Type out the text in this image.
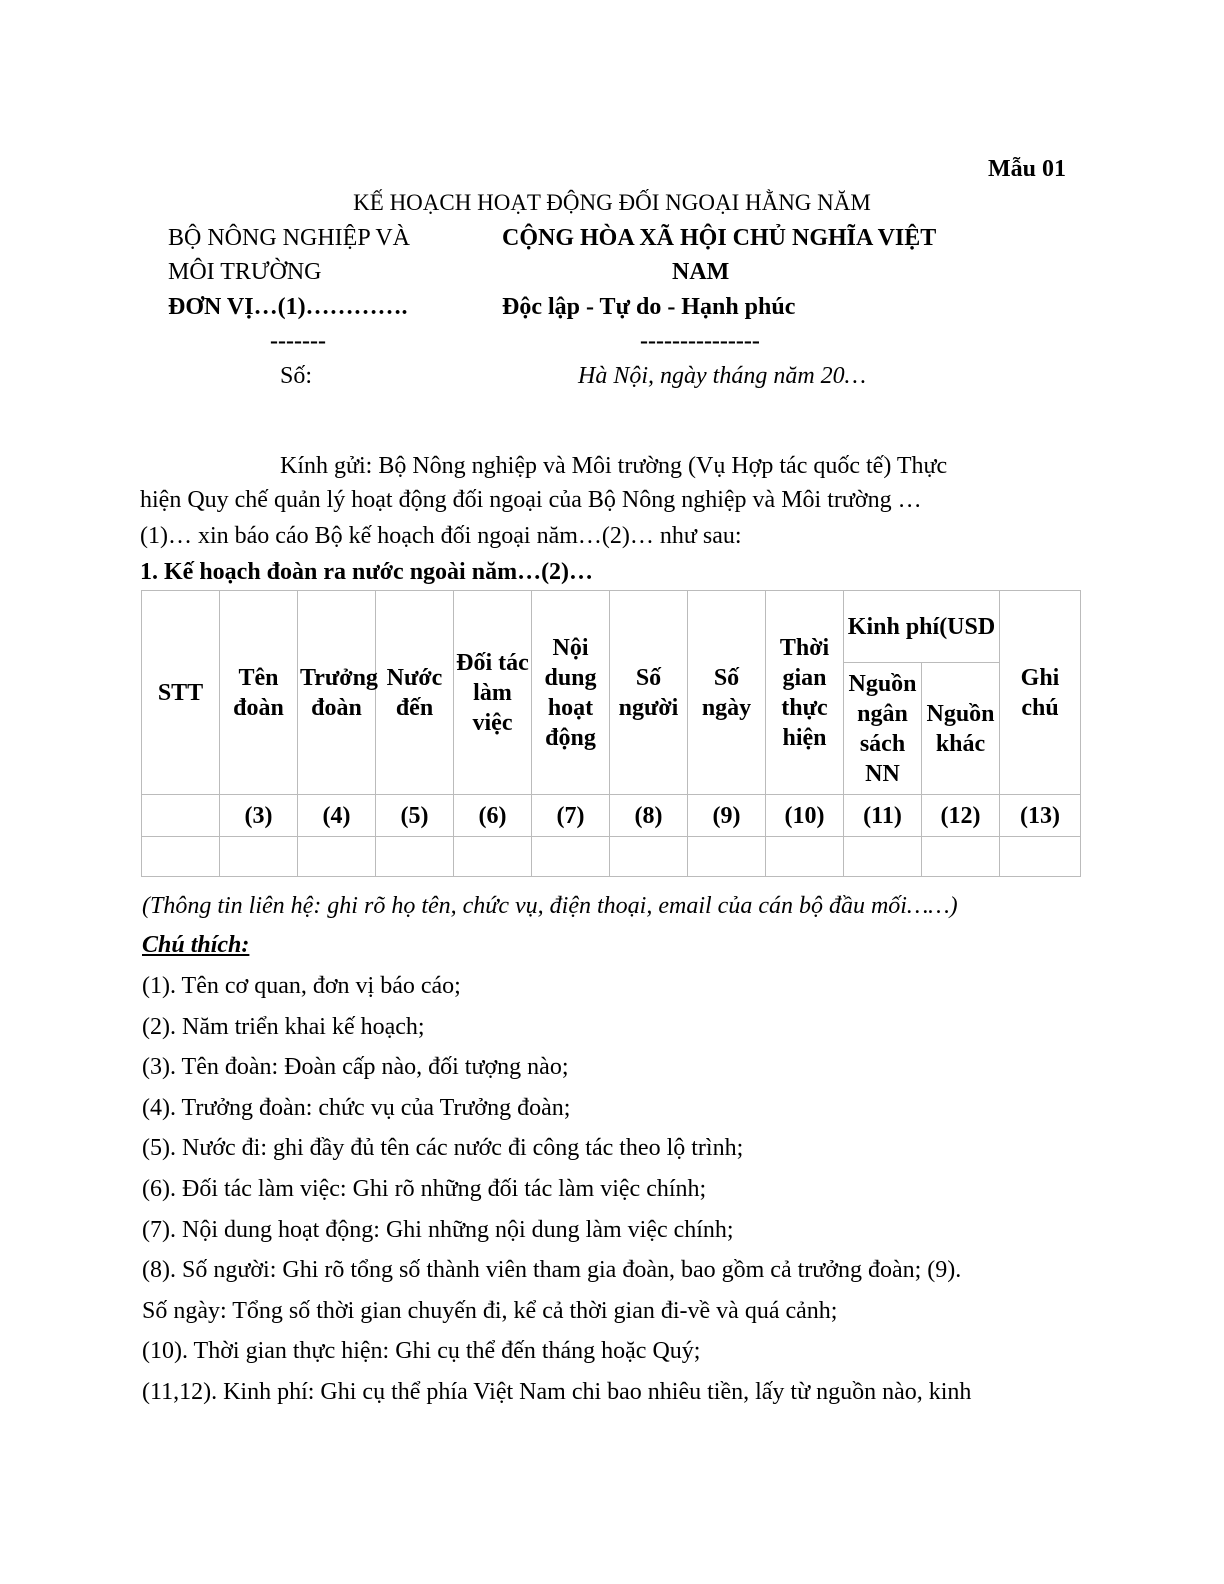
Mẫu 01
KẾ HOẠCH HOẠT ĐỘNG ĐỐI NGOẠI HẰNG NĂM
BỘ NÔNG NGHIỆP VÀ
MÔI TRƯỜNG
ĐƠN VỊ…(1)………….
-------
Số:
CỘNG HÒA XÃ HỘI CHỦ NGHĨA VIỆT
NAM
Độc lập - Tự do - Hạnh phúc
---------------
Hà Nội, ngày tháng năm 20…
Kính gửi: Bộ Nông nghiệp và Môi trường (Vụ Hợp tác quốc tế) Thực
hiện Quy chế quản lý hoạt động đối ngoại của Bộ Nông nghiệp và Môi trường …
(1)… xin báo cáo Bộ kế hoạch đối ngoại năm…(2)… như sau:
1. Kế hoạch đoàn ra nước ngoài năm…(2)…
STT	Tên đoàn	Trưởng đoàn	Nước đến	Đối tác làm việc	Nội dung hoạt động	Số người	Số ngày	Thời gian thực hiện	Kinh phí(USD		Ghi chú
									Nguồn ngân sách NN	Nguồn khác	
	(3)	(4)	(5)	(6)	(7)	(8)	(9)	(10)	(11)	(12)	(13)

(Thông tin liên hệ: ghi rõ họ tên, chức vụ, điện thoại, email của cán bộ đầu mối……)
Chú thích:
(1). Tên cơ quan, đơn vị báo cáo;
(2). Năm triển khai kế hoạch;
(3). Tên đoàn: Đoàn cấp nào, đối tượng nào;
(4). Trưởng đoàn: chức vụ của Trưởng đoàn;
(5). Nước đi: ghi đầy đủ tên các nước đi công tác theo lộ trình;
(6). Đối tác làm việc: Ghi rõ những đối tác làm việc chính;
(7). Nội dung hoạt động: Ghi những nội dung làm việc chính;
(8). Số người: Ghi rõ tổng số thành viên tham gia đoàn, bao gồm cả trưởng đoàn; (9).
Số ngày: Tổng số thời gian chuyến đi, kể cả thời gian đi-về và quá cảnh;
(10). Thời gian thực hiện: Ghi cụ thể đến tháng hoặc Quý;
(11,12). Kinh phí: Ghi cụ thể phía Việt Nam chi bao nhiêu tiền, lấy từ nguồn nào, kinh
